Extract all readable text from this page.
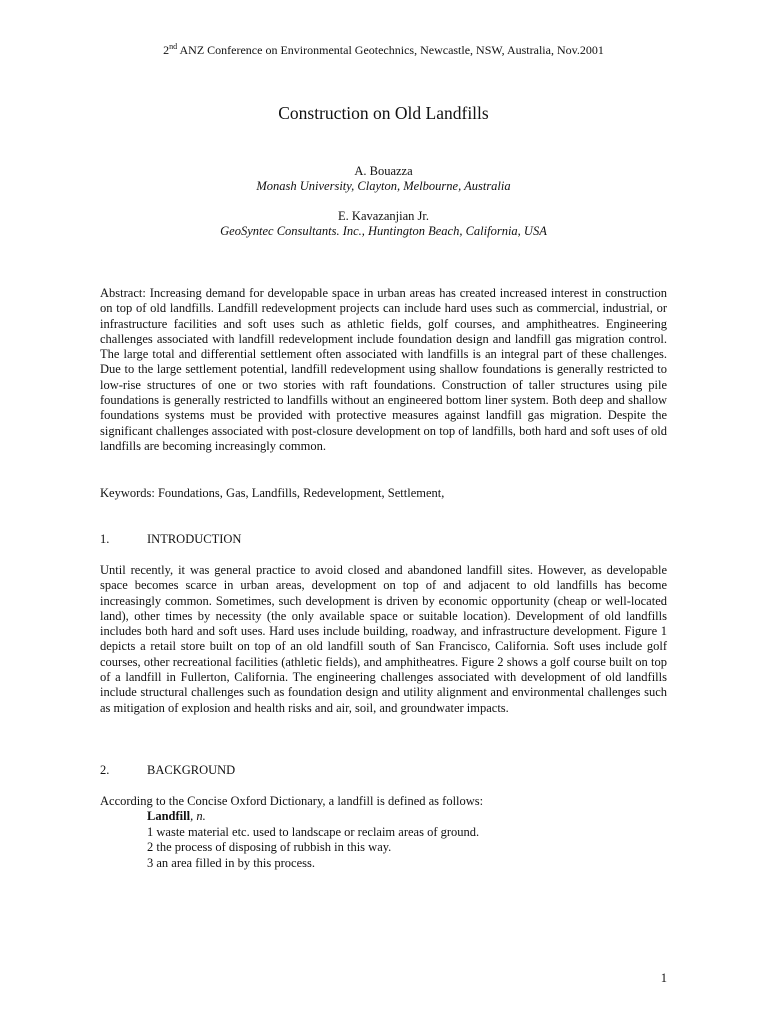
2nd ANZ Conference on Environmental Geotechnics, Newcastle, NSW, Australia, Nov.2001
Construction on Old Landfills
A. Bouazza
Monash University, Clayton, Melbourne, Australia
E. Kavazanjian Jr.
GeoSyntec Consultants. Inc., Huntington Beach, California, USA

Abstract: Increasing demand for developable space in urban areas has created increased interest in construction on top of old landfills. Landfill redevelopment projects can include hard uses such as commercial, industrial, or infrastructure facilities and soft uses such as athletic fields, golf courses, and amphitheatres. Engineering challenges associated with landfill redevelopment include foundation design and landfill gas migration control. The large total and differential settlement often associated with landfills is an integral part of these challenges. Due to the large settlement potential, landfill redevelopment using shallow foundations is generally restricted to low-rise structures of one or two stories with raft foundations. Construction of taller structures using pile foundations is generally restricted to landfills without an engineered bottom liner system. Both deep and shallow foundations systems must be provided with protective measures against landfill gas migration. Despite the significant challenges associated with post-closure development on top of landfills, both hard and soft uses of old landfills are becoming increasingly common.

Keywords: Foundations, Gas, Landfills, Redevelopment, Settlement,

1.	INTRODUCTION

Until recently, it was general practice to avoid closed and abandoned landfill sites. However, as developable space becomes scarce in urban areas, development on top of and adjacent to old landfills has become increasingly common. Sometimes, such development is driven by economic opportunity (cheap or well-located land), other times by necessity (the only available space or suitable location). Development of old landfills includes both hard and soft uses. Hard uses include building, roadway, and infrastructure development. Figure 1 depicts a retail store built on top of an old landfill south of San Francisco, California. Soft uses include golf courses, other recreational facilities (athletic fields), and amphitheatres. Figure 2 shows a golf course built on top of a landfill in Fullerton, California. The engineering challenges associated with development of old landfills include structural challenges such as foundation design and utility alignment and environmental challenges such as mitigation of explosion and health risks and air, soil, and groundwater impacts.

2.	BACKGROUND

According to the Concise Oxford Dictionary, a landfill is defined as follows:

Landfill, n.
1 waste material etc. used to landscape or reclaim areas of ground.
2 the process of disposing of rubbish in this way.
3 an area filled in by this process.
1
